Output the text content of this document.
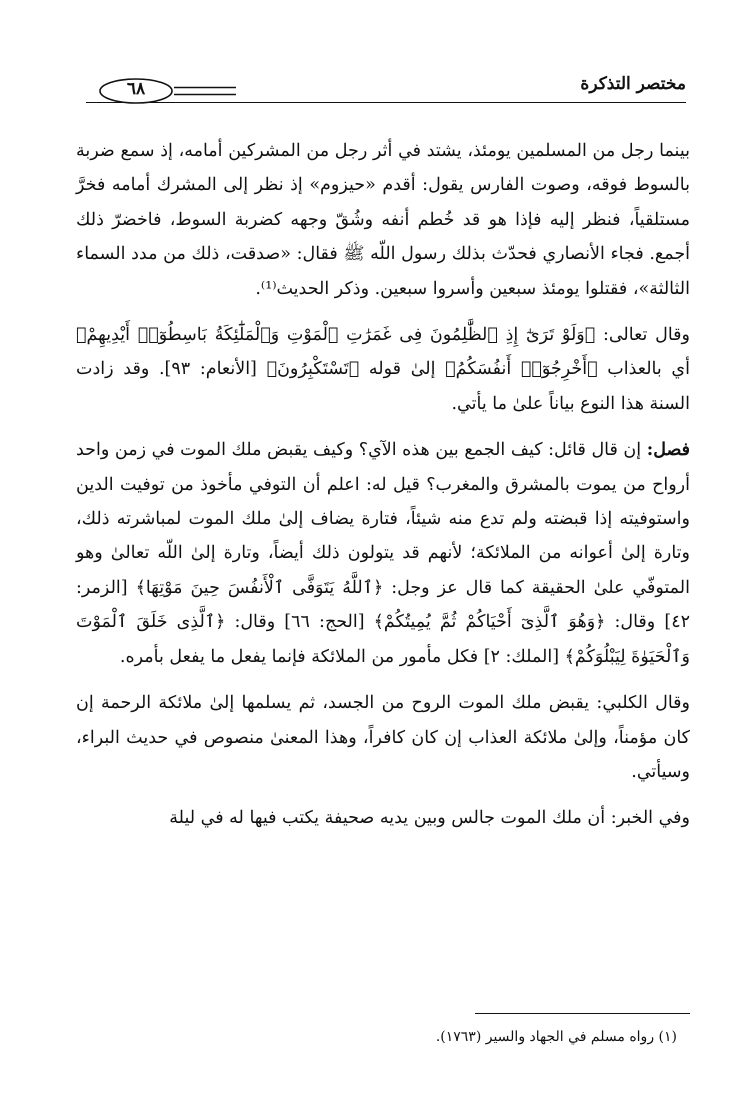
مختصر التذكرة
٦٨

بينما رجل من المسلمين يومئذ، يشتد في أثر رجل من المشركين أمامه، إذ سمع ضربة بالسوط فوقه، وصوت الفارس يقول: أقدم «حيزوم» إذ نظر إلى المشرك أمامه فخرَّ مستلقياً، فنظر إليه فإذا هو قد خُطم أنفه وشُقّ وجهه كضربة السوط، فاخضرّ ذلك أجمع. فجاء الأنصاري فحدّث بذلك رسول اللّه ﷺ فقال: «صدقت، ذلك من مدد السماء الثالثة»، فقتلوا يومئذ سبعين وأسروا سبعين. وذكر الحديث⁽¹⁾.

وقال تعالى: ﴿وَلَوْ تَرَىٰٓ إِذِ ٱلظَّٰلِمُونَ فِى غَمَرَٰتِ ٱلْمَوْتِ وَٱلْمَلَٰٓئِكَةُ بَاسِطُوٓا۟ أَيْدِيهِمْ﴾ أي بالعذاب ﴿أَخْرِجُوٓا۟ أَنفُسَكُمُ﴾ إلىٰ قوله ﴿تَسْتَكْبِرُونَ﴾ [الأنعام: ٩٣]. وقد زادت السنة هذا النوع بياناً علىٰ ما يأتي.

فصل: إن قال قائل: كيف الجمع بين هذه الآي؟ وكيف يقبض ملك الموت في زمن واحد أرواح من يموت بالمشرق والمغرب؟ قيل له: اعلم أن التوفي مأخوذ من توفيت الدين واستوفيته إذا قبضته ولم تدع منه شيئاً، فتارة يضاف إلىٰ ملك الموت لمباشرته ذلك، وتارة إلىٰ أعوانه من الملائكة؛ لأنهم قد يتولون ذلك أيضاً، وتارة إلىٰ اللّه تعالىٰ وهو المتوفّي علىٰ الحقيقة كما قال عز وجل: ﴿ٱللَّهُ يَتَوَفَّى ٱلْأَنفُسَ حِينَ مَوْتِهَا﴾ [الزمر: ٤٢] وقال: ﴿وَهُوَ ٱلَّذِىٓ أَحْيَاكُمْ ثُمَّ يُمِيتُكُمْ﴾ [الحج: ٦٦] وقال: ﴿ٱلَّذِى خَلَقَ ٱلْمَوْتَ وَٱلْحَيَوٰةَ لِيَبْلُوَكُمْ﴾ [الملك: ٢] فكل مأمور من الملائكة فإنما يفعل ما يفعل بأمره.

وقال الكلبي: يقبض ملك الموت الروح من الجسد، ثم يسلمها إلىٰ ملائكة الرحمة إن كان مؤمناً، وإلىٰ ملائكة العذاب إن كان كافراً، وهذا المعنىٰ منصوص في حديث البراء، وسيأتي.

وفي الخبر: أن ملك الموت جالس وبين يديه صحيفة يكتب فيها له في ليلة

(١) رواه مسلم في الجهاد والسير (١٧٦٣).
